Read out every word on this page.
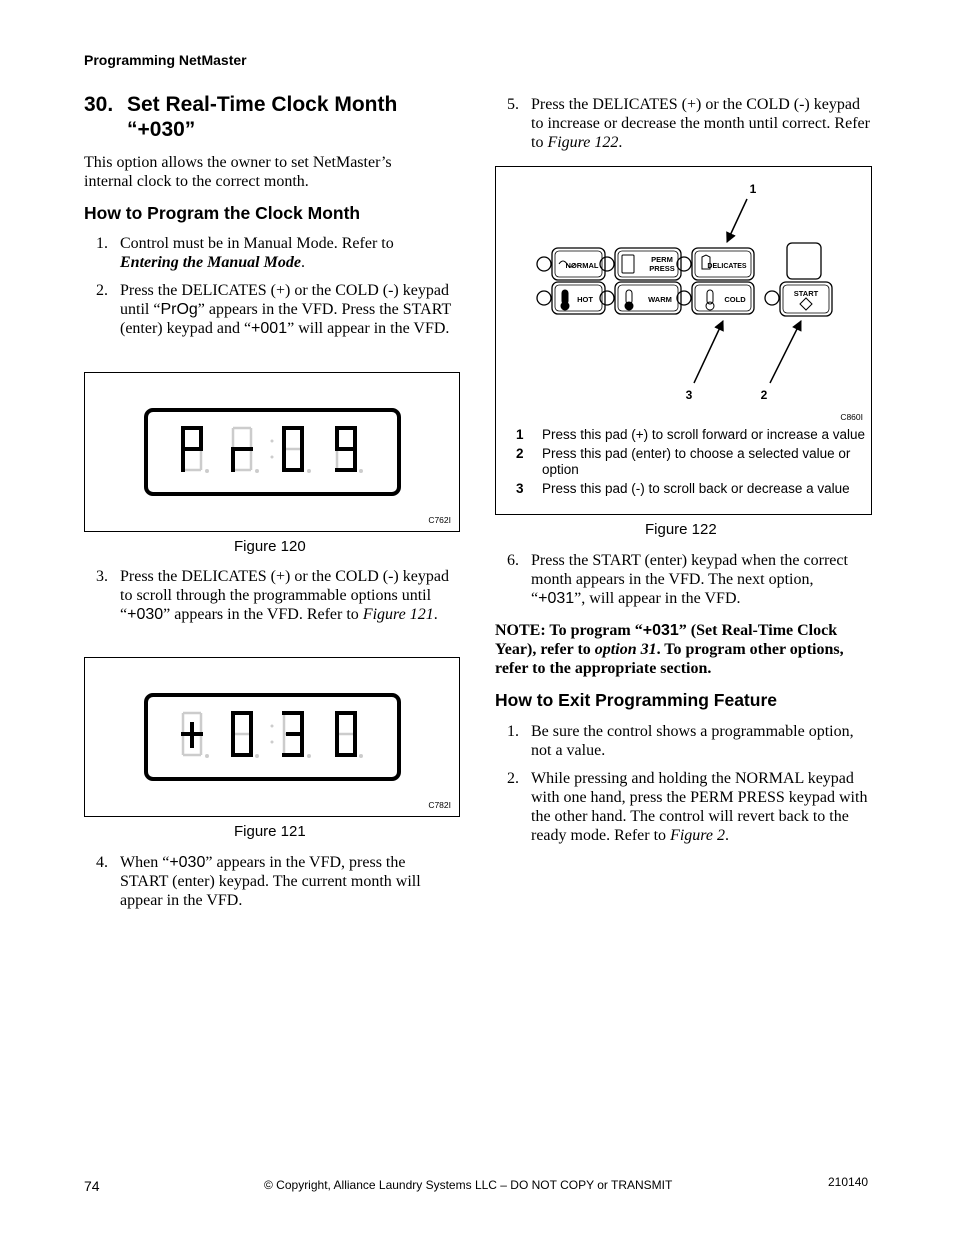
Programming NetMaster
30. Set Real-Time Clock Month
“+030”
This option allows the owner to set NetMaster’s internal clock to the correct month.
How to Program the Clock Month
1. Control must be in Manual Mode. Refer to Entering the Manual Mode.
2. Press the DELICATES (+) or the COLD (-) keypad until “PrOg” appears in the VFD. Press the START (enter) keypad and “+001” will appear in the VFD.
C762I
Figure 120
3. Press the DELICATES (+) or the COLD (-) keypad to scroll through the programmable options until “+030” appears in the VFD. Refer to Figure 121.
C782I
Figure 121
4. When “+030” appears in the VFD, press the START (enter) keypad. The current month will appear in the VFD.
5. Press the DELICATES (+) or the COLD (-) keypad to increase or decrease the month until correct. Refer to Figure 122.
NORMAL
PERM
PRESS	DELICATES
HOT	WARM	COLD
START
1
2
3
C860I
1 Press this pad (+) to scroll forward or increase a value
2 Press this pad (enter) to choose a selected value or option
3 Press this pad (-) to scroll back or decrease a value
Figure 122
6. Press the START (enter) keypad when the correct month appears in the VFD. The next option, “+031”, will appear in the VFD.
NOTE: To program “+031” (Set Real-Time Clock Year), refer to option 31. To program other options, refer to the appropriate section.
How to Exit Programming Feature
1. Be sure the control shows a programmable option, not a value.
2. While pressing and holding the NORMAL keypad with one hand, press the PERM PRESS keypad with the other hand. The control will revert back to the ready mode. Refer to Figure 2.
74	© Copyright, Alliance Laundry Systems LLC – DO NOT COPY or TRANSMIT	210140
